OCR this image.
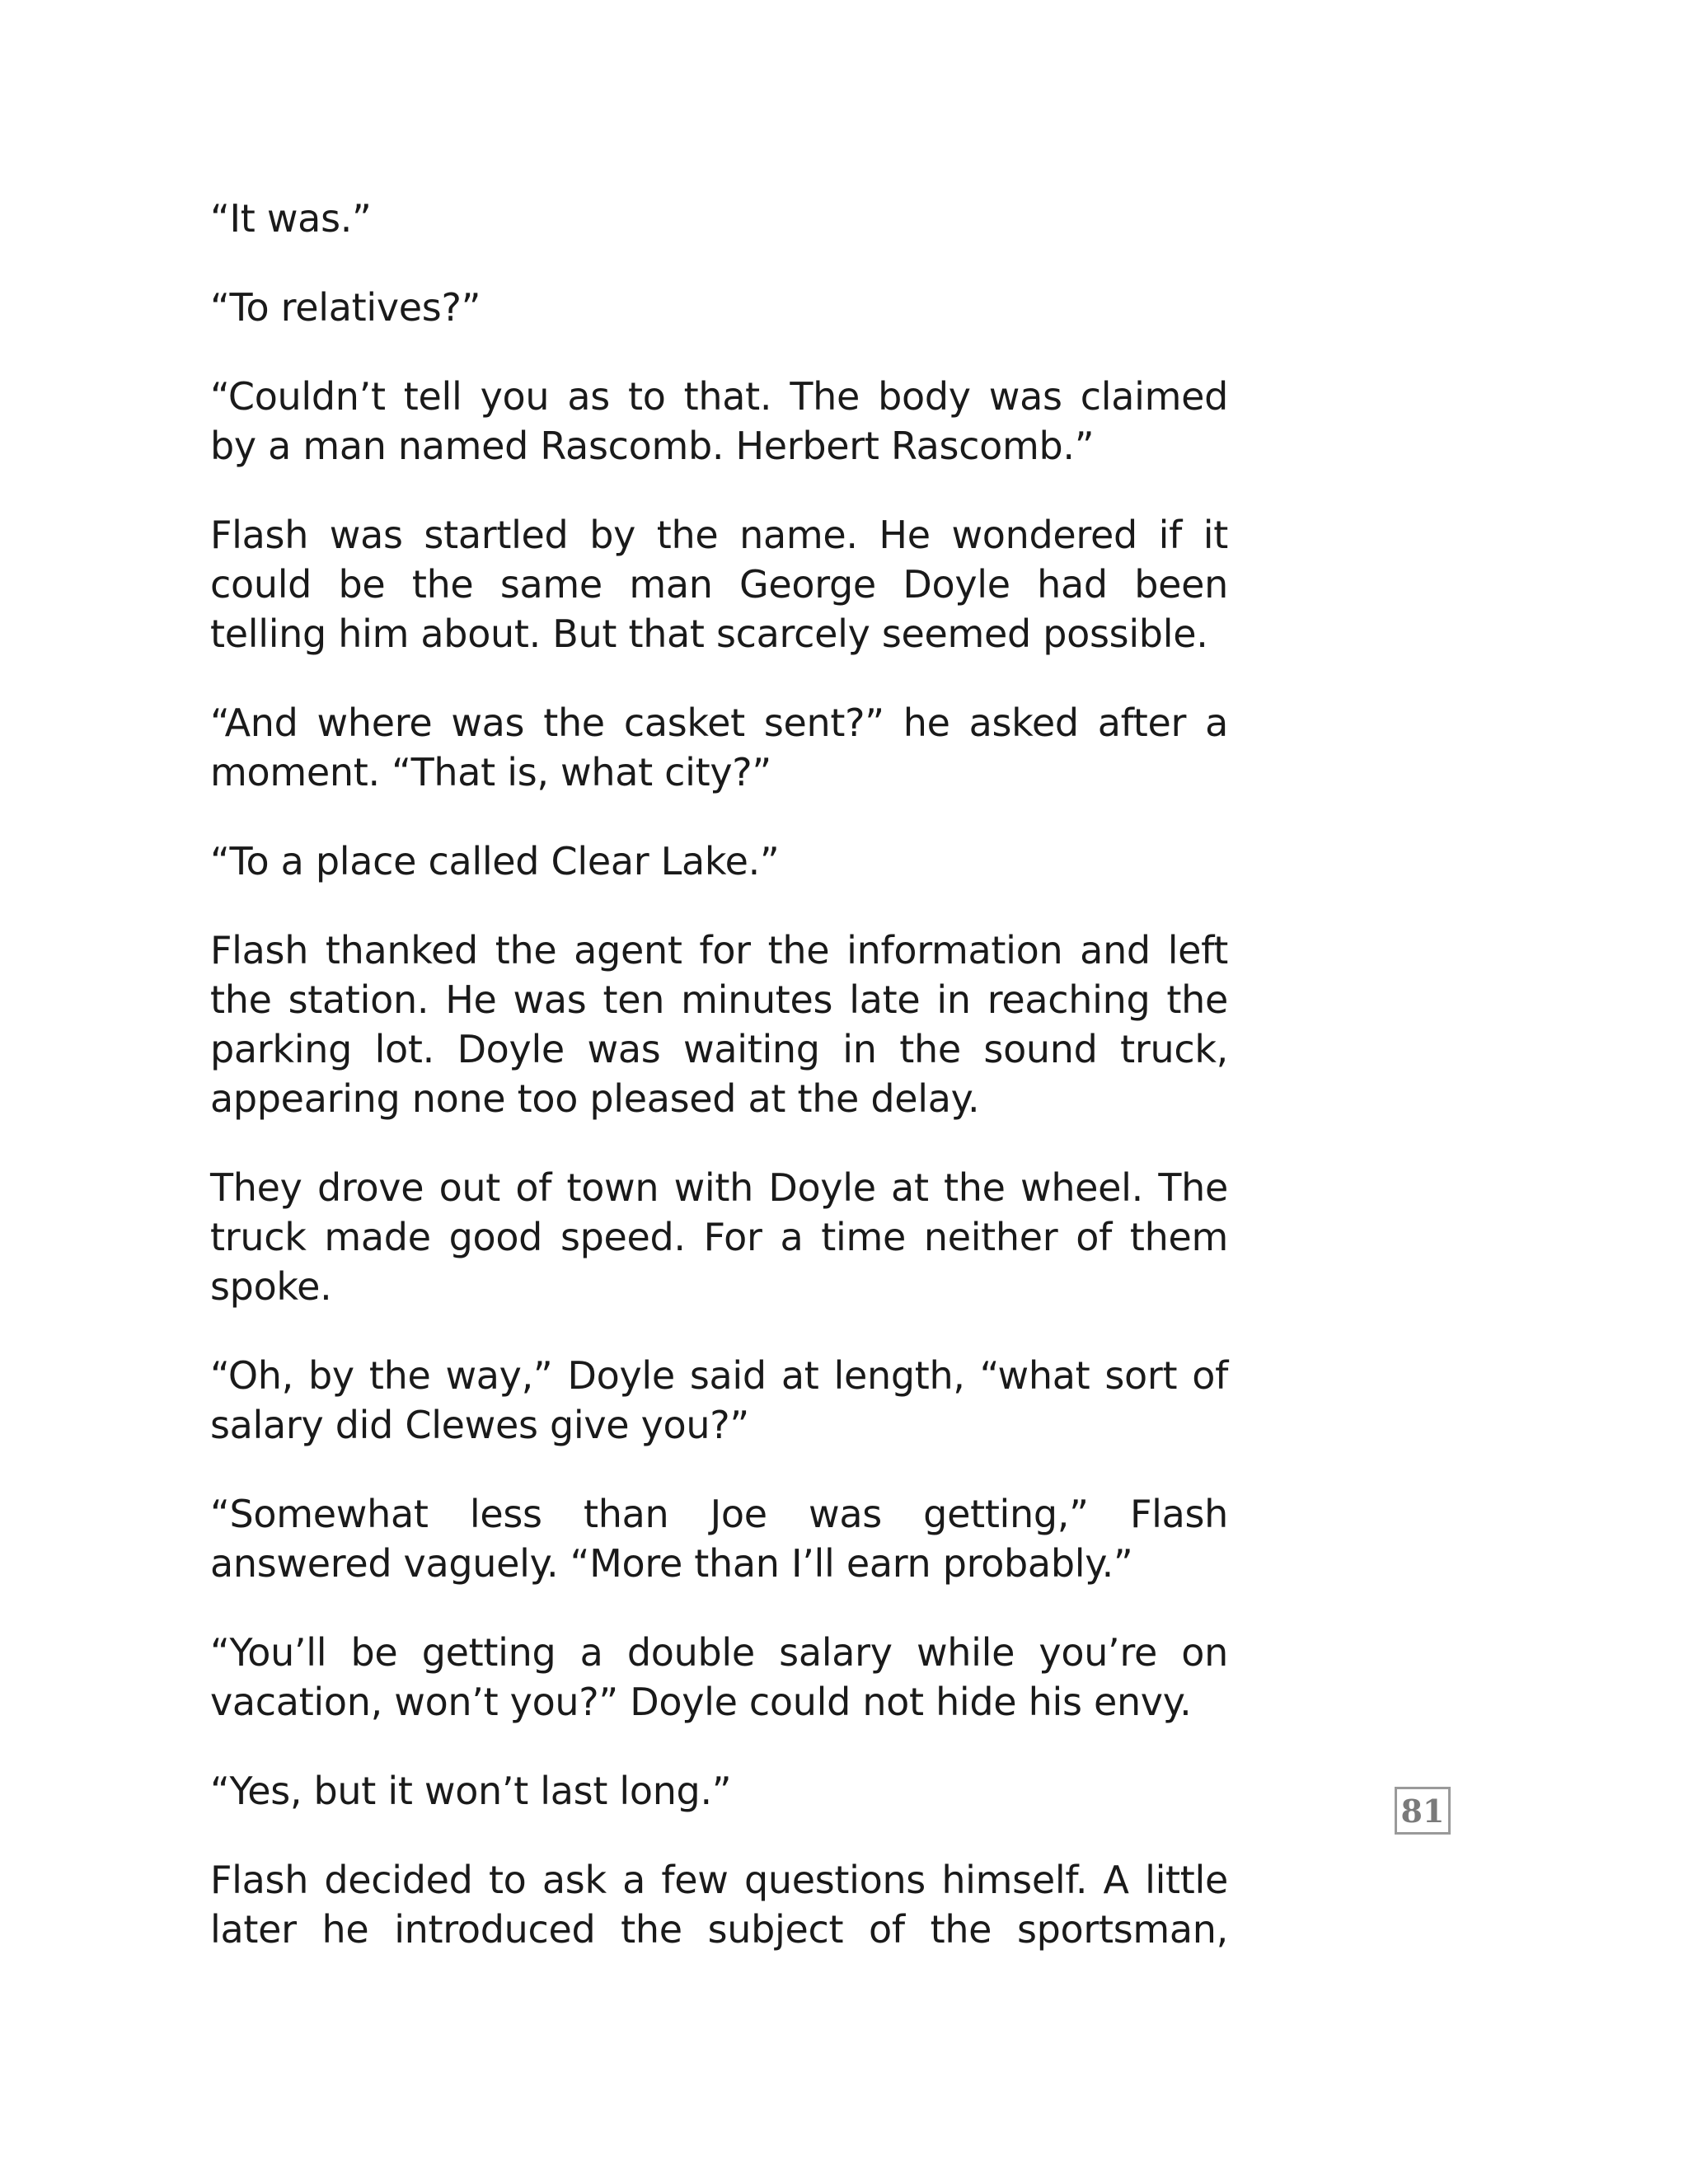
“It was.”

“To relatives?”

“Couldn’t tell you as to that. The body was claimed by a man named Rascomb. Herbert Rascomb.”

Flash was startled by the name. He wondered if it could be the same man George Doyle had been telling him about. But that scarcely seemed possible.

“And where was the casket sent?” he asked after a moment. “That is, what city?”

“To a place called Clear Lake.”

Flash thanked the agent for the information and left the station. He was ten minutes late in reaching the parking lot. Doyle was waiting in the sound truck, appearing none too pleased at the delay.

They drove out of town with Doyle at the wheel. The truck made good speed. For a time neither of them spoke.

“Oh, by the way,” Doyle said at length, “what sort of salary did Clewes give you?”

“Somewhat less than Joe was getting,” Flash answered vaguely. “More than I’ll earn probably.”

“You’ll be getting a double salary while you’re on vacation, won’t you?” Doyle could not hide his envy.

“Yes, but it won’t last long.”

Flash decided to ask a few questions himself. A little later he introduced the subject of the sportsman,

81
